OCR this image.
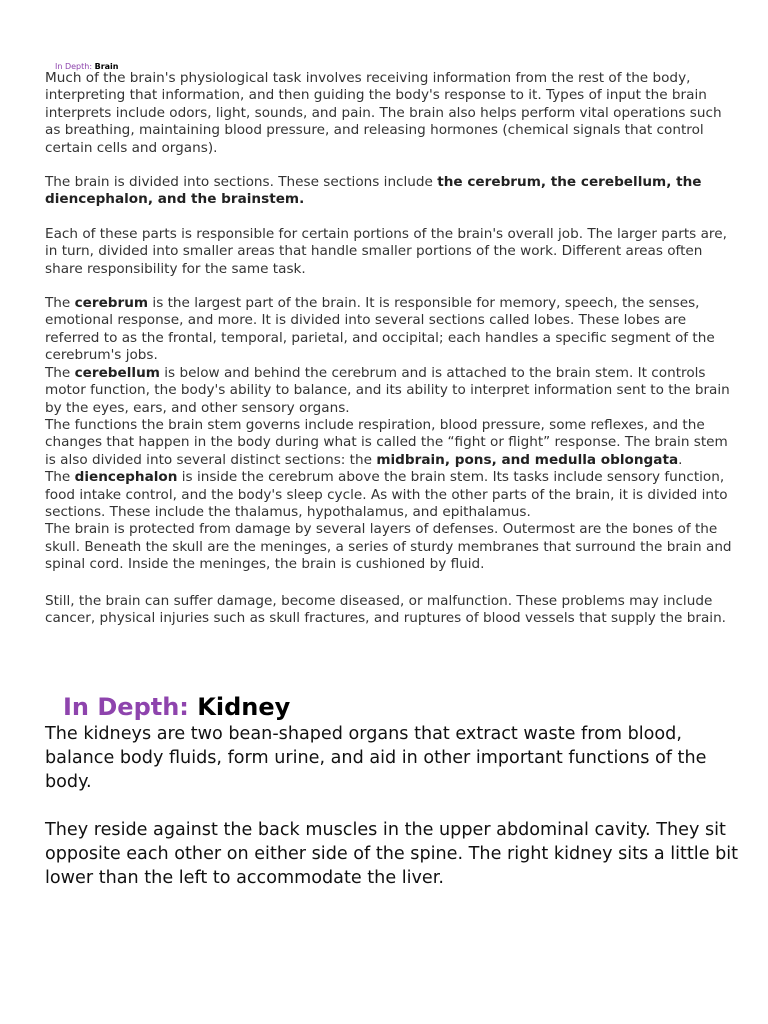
In Depth: Brain

Much of the brain's physiological task involves receiving information from the rest of the body, interpreting that information, and then guiding the body's response to it. Types of input the brain interprets include odors, light, sounds, and pain. The brain also helps perform vital operations such as breathing, maintaining blood pressure, and releasing hormones (chemical signals that control certain cells and organs).

The brain is divided into sections. These sections include the cerebrum, the cerebellum, the diencephalon, and the brainstem.

Each of these parts is responsible for certain portions of the brain's overall job. The larger parts are, in turn, divided into smaller areas that handle smaller portions of the work. Different areas often share responsibility for the same task.

The cerebrum is the largest part of the brain. It is responsible for memory, speech, the senses, emotional response, and more. It is divided into several sections called lobes. These lobes are referred to as the frontal, temporal, parietal, and occipital; each handles a specific segment of the cerebrum's jobs.

The cerebellum is below and behind the cerebrum and is attached to the brain stem. It controls motor function, the body's ability to balance, and its ability to interpret information sent to the brain by the eyes, ears, and other sensory organs.

The functions the brain stem governs include respiration, blood pressure, some reflexes, and the changes that happen in the body during what is called the “fight or flight” response. The brain stem is also divided into several distinct sections: the midbrain, pons, and medulla oblongata.

The diencephalon is inside the cerebrum above the brain stem. Its tasks include sensory function, food intake control, and the body's sleep cycle. As with the other parts of the brain, it is divided into sections. These include the thalamus, hypothalamus, and epithalamus.

The brain is protected from damage by several layers of defenses. Outermost are the bones of the skull. Beneath the skull are the meninges, a series of sturdy membranes that surround the brain and spinal cord. Inside the meninges, the brain is cushioned by fluid.

Still, the brain can suffer damage, become diseased, or malfunction. These problems may include cancer, physical injuries such as skull fractures, and ruptures of blood vessels that supply the brain.

In Depth: Kidney

The kidneys are two bean-shaped organs that extract waste from blood, balance body fluids, form urine, and aid in other important functions of the body.

They reside against the back muscles in the upper abdominal cavity. They sit opposite each other on either side of the spine. The right kidney sits a little bit lower than the left to accommodate the liver.
